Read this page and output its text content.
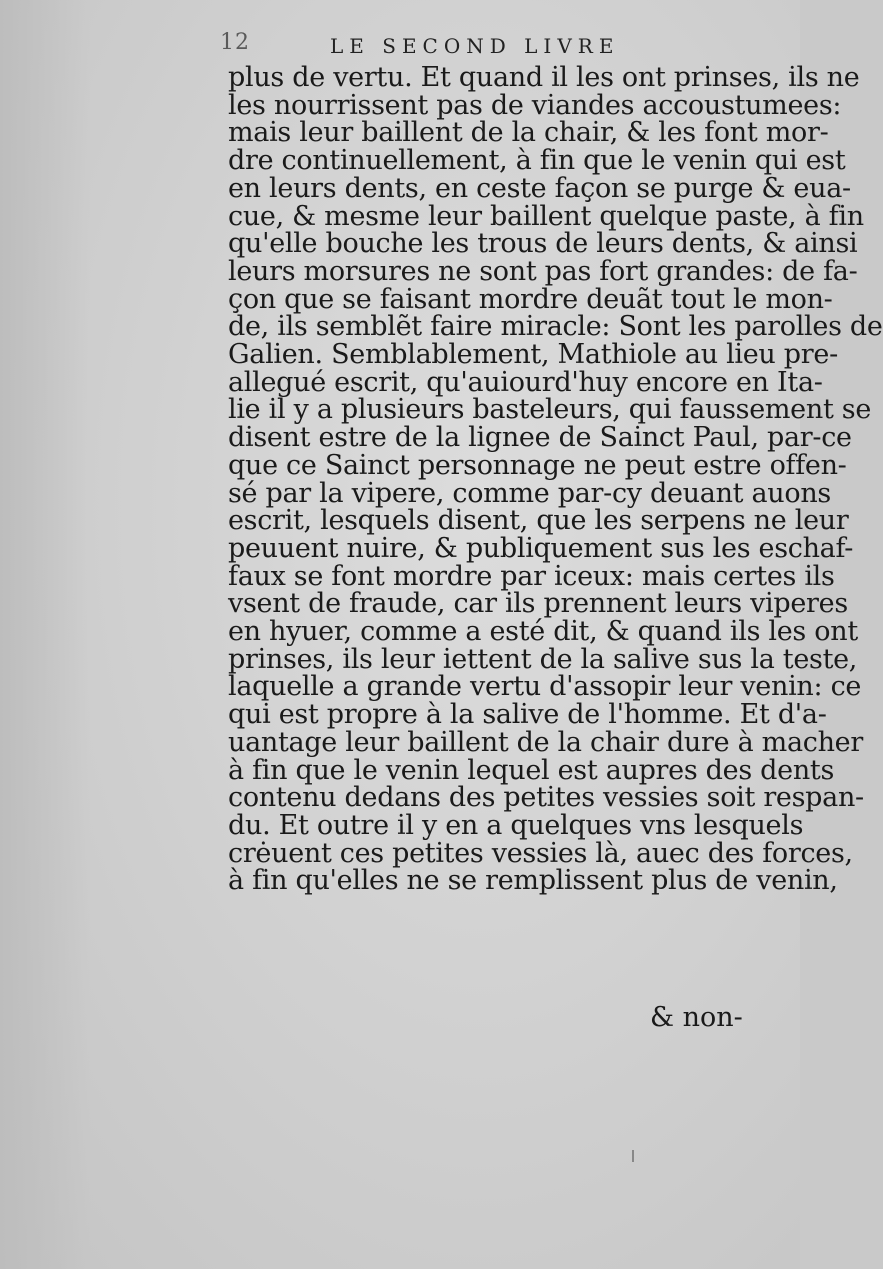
12	LE SECOND LIVRE
plus de vertu. Et quand il les ont prinses, ils ne
les nourrissent pas de viandes accoustumees:
mais leur baillent de la chair, & les font mor-
dre continuellement, à fin que le venin qui est
en leurs dents, en ceste façon se purge & eua-
cue, & mesme leur baillent quelque paste, à fin
qu'elle bouche les trous de leurs dents, & ainsi
leurs morsures ne sont pas fort grandes: de fa-
çon que se faisant mordre deuãt tout le mon-
de, ils semblẽt faire miracle: Sont les parolles de
Galien. Semblablement, Mathiole au lieu pre-
allegué escrit, qu'auiourd'huy encore en Ita-
lie il y a plusieurs basteleurs, qui faussement se
disent estre de la lignee de Sainct Paul, par-ce
que ce Sainct personnage ne peut estre offen-
sé par la vipere, comme par-cy deuant auons
escrit, lesquels disent, que les serpens ne leur
peuuent nuire, & publiquement sus les eschaf-
faux se font mordre par iceux: mais certes ils
vsent de fraude, car ils prennent leurs viperes
en hyuer, comme a esté dit, & quand ils les ont
prinses, ils leur iettent de la salive sus la teste,
laquelle a grande vertu d'assopir leur venin: ce
qui est propre à la salive de l'homme. Et d'a-
uantage leur baillent de la chair dure à macher
à fin que le venin lequel est aupres des dents
contenu dedans des petites vessies soit respan-
du. Et outre il y en a quelques vns lesquels
crėuent ces petites vessies là, auec des forces,
à fin qu'elles ne se remplissent plus de venin,
& non-
